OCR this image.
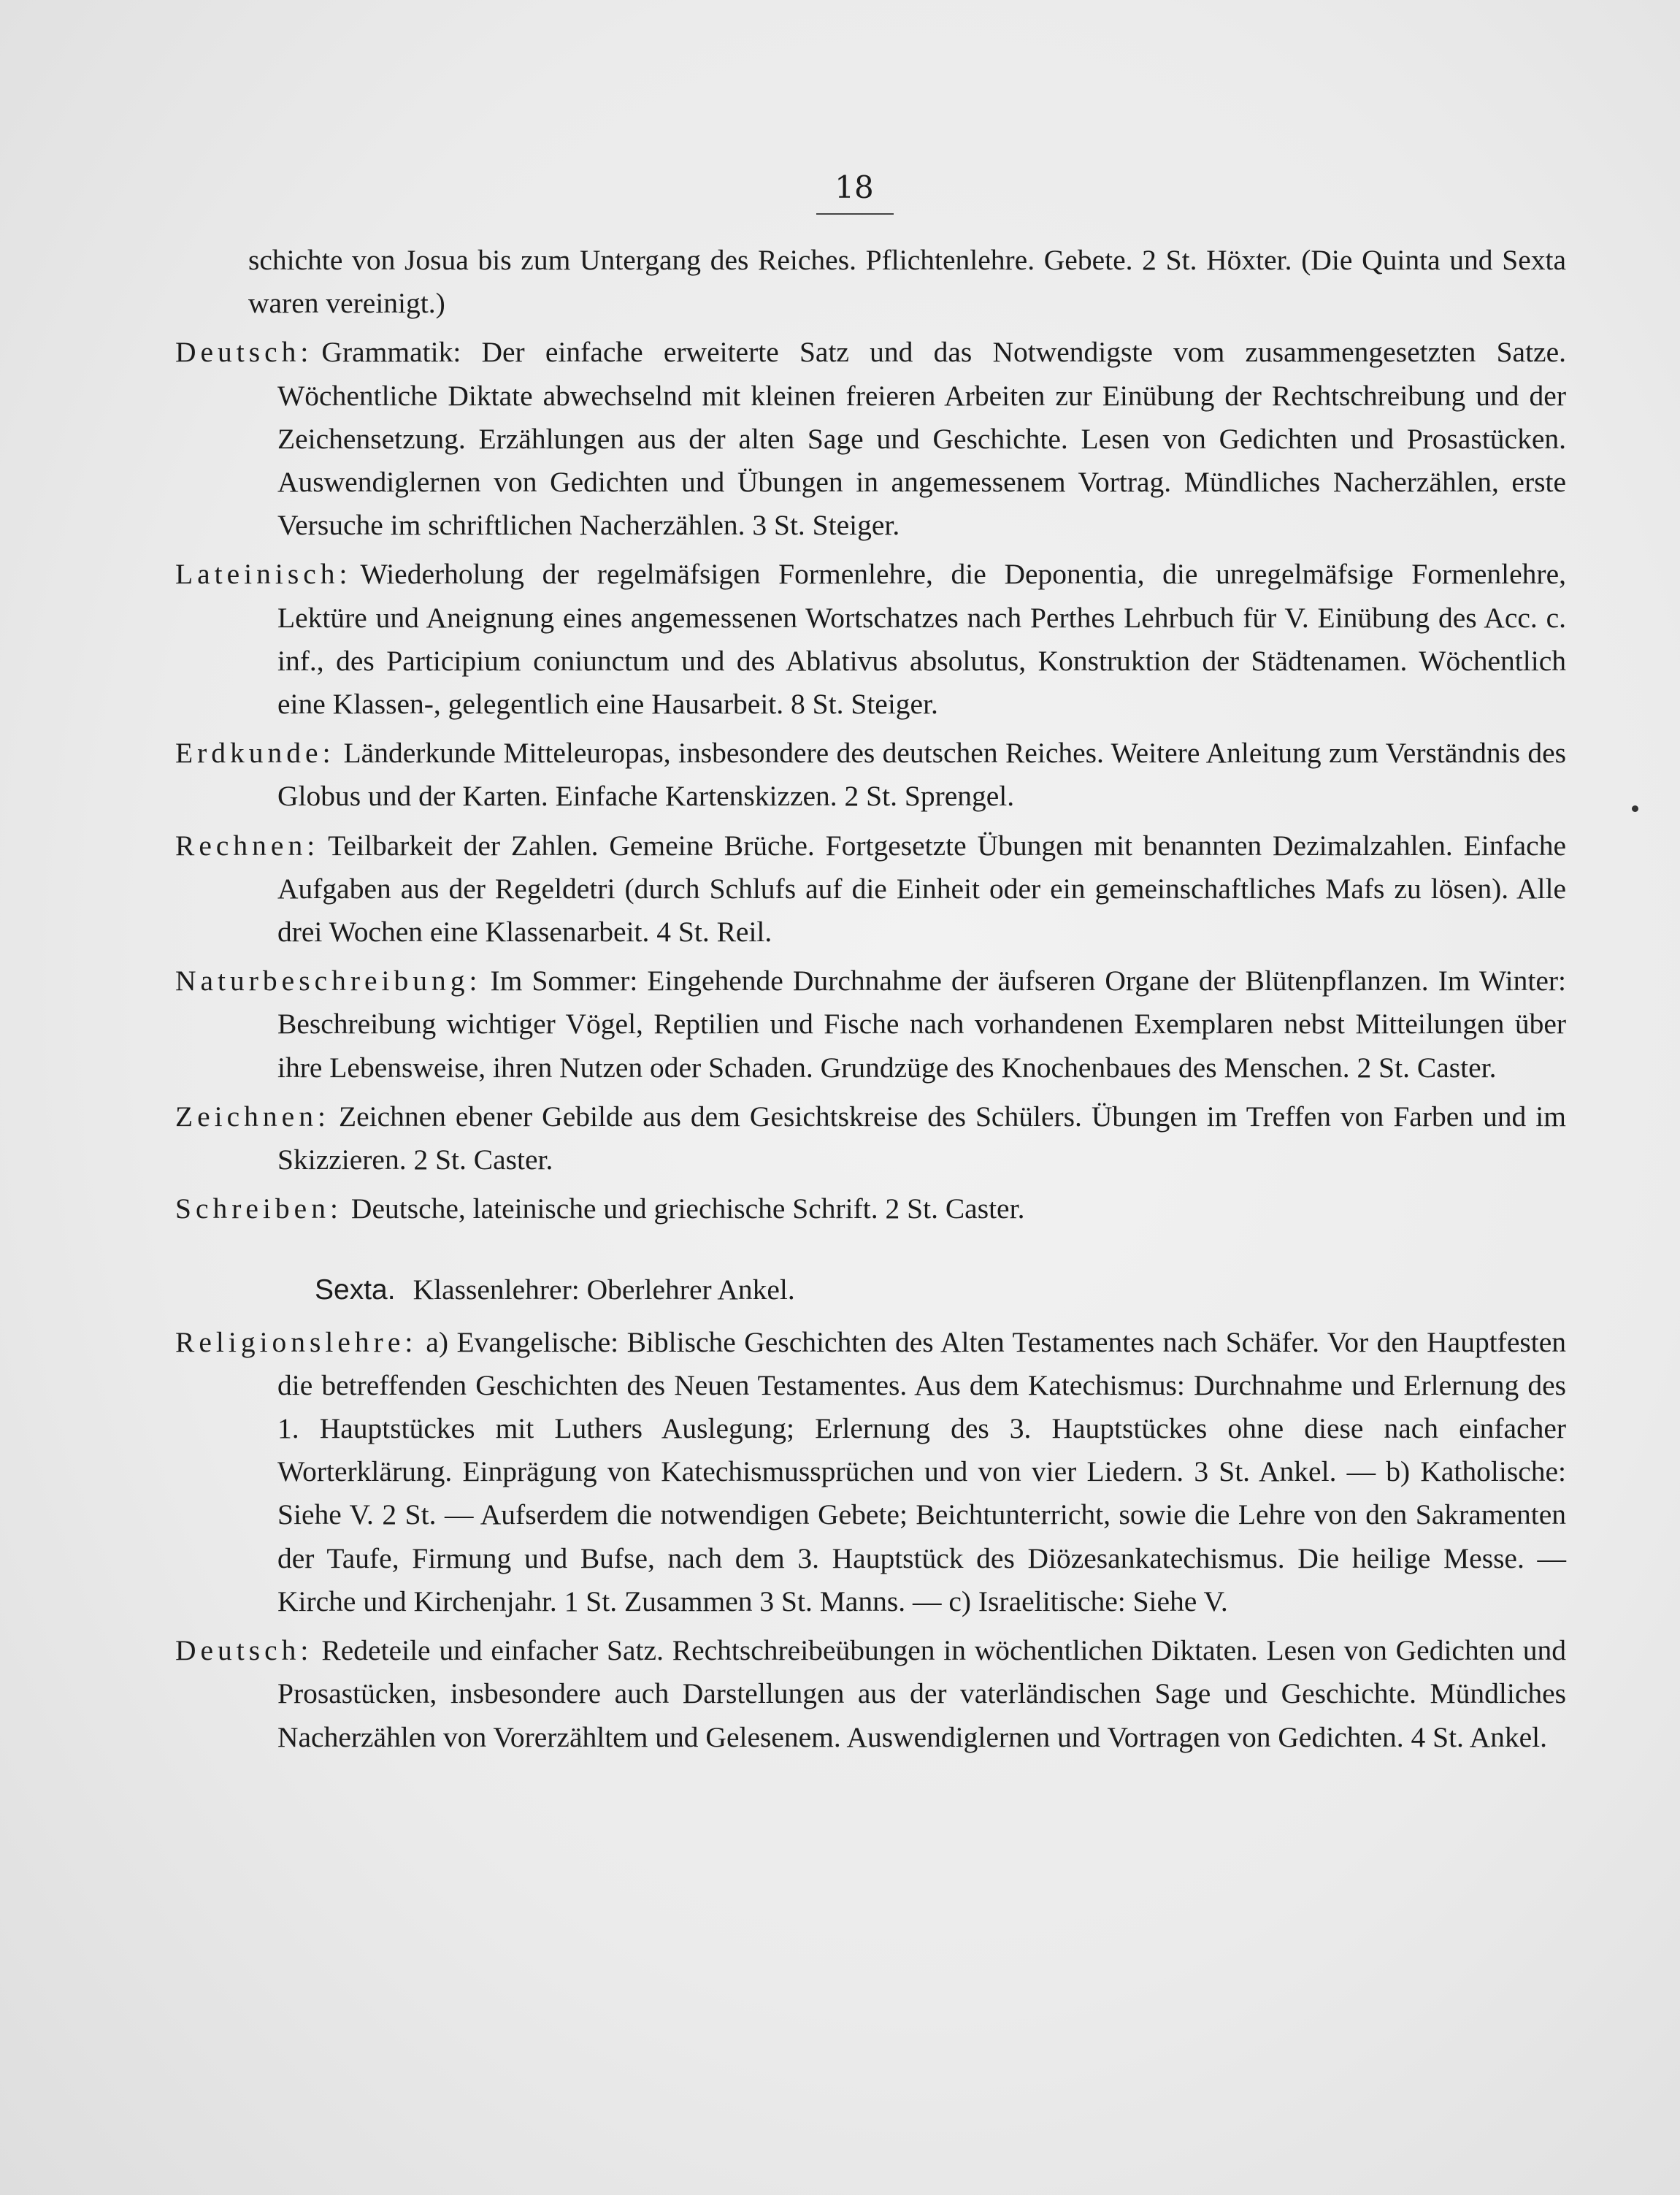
18

schichte von Josua bis zum Untergang des Reiches. Pflichtenlehre. Gebete. 2 St. Höxter. (Die Quinta und Sexta waren vereinigt.)

Deutsch: Grammatik: Der einfache erweiterte Satz und das Notwendigste vom zusammengesetzten Satze. Wöchentliche Diktate abwechselnd mit kleinen freieren Arbeiten zur Einübung der Rechtschreibung und der Zeichensetzung. Erzählungen aus der alten Sage und Geschichte. Lesen von Gedichten und Prosastücken. Auswendiglernen von Gedichten und Übungen in angemessenem Vortrag. Mündliches Nacherzählen, erste Versuche im schriftlichen Nacherzählen. 3 St. Steiger.

Lateinisch: Wiederholung der regelmäfsigen Formenlehre, die Deponentia, die unregelmäfsige Formenlehre, Lektüre und Aneignung eines angemessenen Wortschatzes nach Perthes Lehrbuch für V. Einübung des Acc. c. inf., des Participium coniunctum und des Ablativus absolutus, Konstruktion der Städtenamen. Wöchentlich eine Klassen-, gelegentlich eine Hausarbeit. 8 St. Steiger.

Erdkunde: Länderkunde Mitteleuropas, insbesondere des deutschen Reiches. Weitere Anleitung zum Verständnis des Globus und der Karten. Einfache Kartenskizzen. 2 St. Sprengel.

Rechnen: Teilbarkeit der Zahlen. Gemeine Brüche. Fortgesetzte Übungen mit benannten Dezimalzahlen. Einfache Aufgaben aus der Regeldetri (durch Schlufs auf die Einheit oder ein gemeinschaftliches Mafs zu lösen). Alle drei Wochen eine Klassenarbeit. 4 St. Reil.

Naturbeschreibung: Im Sommer: Eingehende Durchnahme der äufseren Organe der Blütenpflanzen. Im Winter: Beschreibung wichtiger Vögel, Reptilien und Fische nach vorhandenen Exemplaren nebst Mitteilungen über ihre Lebensweise, ihren Nutzen oder Schaden. Grundzüge des Knochenbaues des Menschen. 2 St. Caster.

Zeichnen: Zeichnen ebener Gebilde aus dem Gesichtskreise des Schülers. Übungen im Treffen von Farben und im Skizzieren. 2 St. Caster.

Schreiben: Deutsche, lateinische und griechische Schrift. 2 St. Caster.

Sexta. Klassenlehrer: Oberlehrer Ankel.

Religionslehre: a) Evangelische: Biblische Geschichten des Alten Testamentes nach Schäfer. Vor den Hauptfesten die betreffenden Geschichten des Neuen Testamentes. Aus dem Katechismus: Durchnahme und Erlernung des 1. Hauptstückes mit Luthers Auslegung; Erlernung des 3. Hauptstückes ohne diese nach einfacher Worterklärung. Einprägung von Katechismussprüchen und von vier Liedern. 3 St. Ankel. — b) Katholische: Siehe V. 2 St. — Aufserdem die notwendigen Gebete; Beichtunterricht, sowie die Lehre von den Sakramenten der Taufe, Firmung und Bufse, nach dem 3. Hauptstück des Diözesankatechismus. Die heilige Messe. — Kirche und Kirchenjahr. 1 St. Zusammen 3 St. Manns. — c) Israelitische: Siehe V.

Deutsch: Redeteile und einfacher Satz. Rechtschreibeübungen in wöchentlichen Diktaten. Lesen von Gedichten und Prosastücken, insbesondere auch Darstellungen aus der vaterländischen Sage und Geschichte. Mündliches Nacherzählen von Vorerzähltem und Gelesenem. Auswendiglernen und Vortragen von Gedichten. 4 St. Ankel.
